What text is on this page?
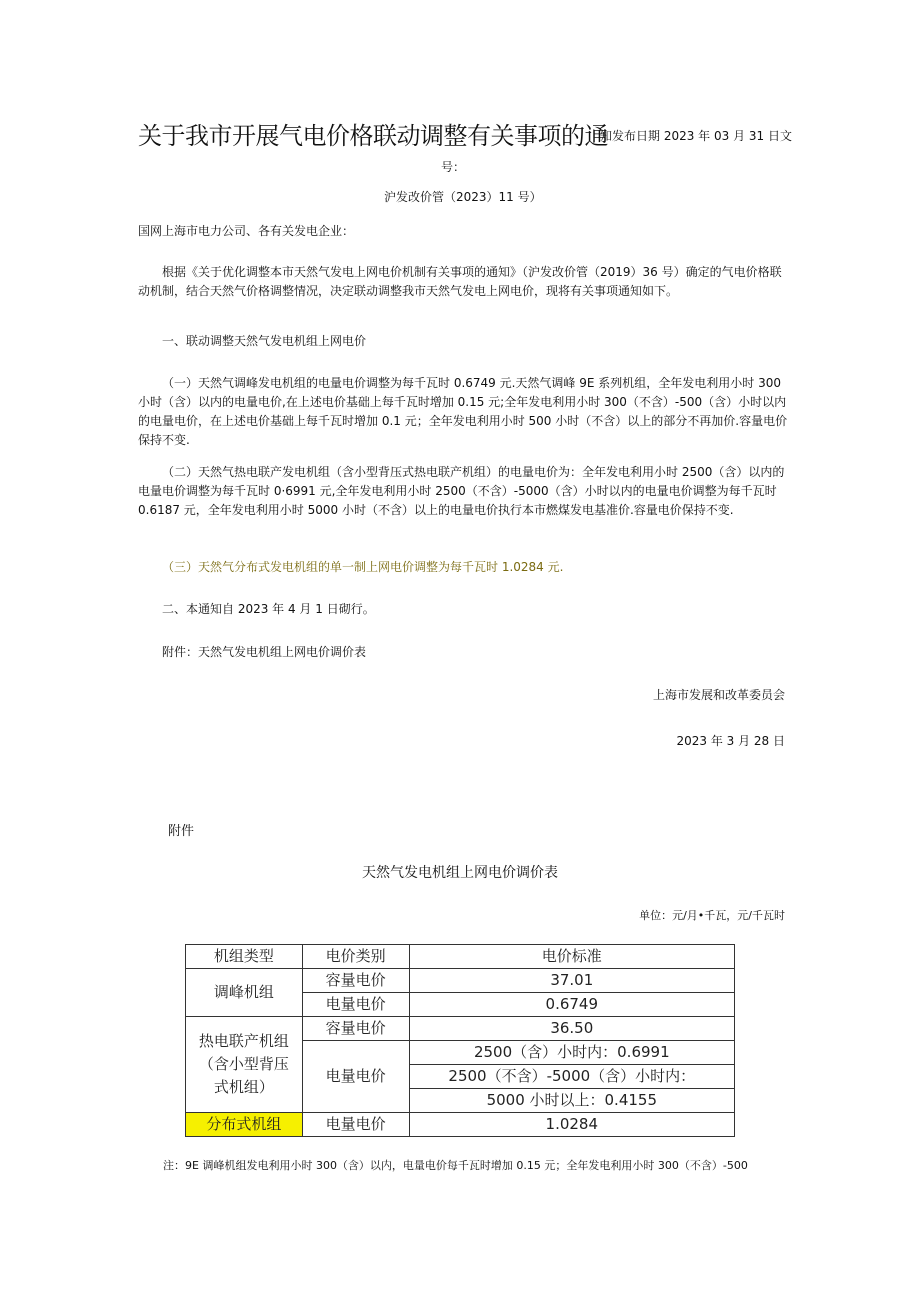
关于我市开展气电价格联动调整有关事项的通
知发布日期 2023 年 03 月 31 日文
号：
沪发改价管（2023）11 号）
国网上海市电力公司、各有关发电企业：
根据《关于优化调整本市天然气发电上网电价机制有关事项的通知》（沪发改价管（2019）36 号）确定的气电价格联动机制，结合天然气价格调整情况，决定联动调整我市天然气发电上网电价，现将有关事项通知如下。
一、联动调整天然气发电机组上网电价
（一）天然气调峰发电机组的电量电价调整为每千瓦时 0.6749 元.天然气调峰 9E 系列机组，全年发电利用小时 300 小时（含）以内的电量电价,在上述电价基础上每千瓦时增加 0.15 元;全年发电利用小时 300（不含）-500（含）小时以内的电量电价，在上述电价基础上每千瓦时增加 0.1 元；全年发电利用小时 500 小时（不含）以上的部分不再加价.容量电价保持不变.
（二）天然气热电联产发电机组（含小型背压式热电联产机组）的电量电价为：全年发电利用小时 2500（含）以内的电量电价调整为每千瓦时 0·6991 元,全年发电利用小时 2500（不含）-5000（含）小时以内的电量电价调整为每千瓦时 0.6187 元，全年发电利用小时 5000 小时（不含）以上的电量电价执行本市燃煤发电基准价.容量电价保持不变.
（三）天然气分布式发电机组的单一制上网电价调整为每千瓦时 1.0284 元.
二、本通知自 2023 年 4 月 1 日砌行。
附件：天然气发电机组上网电价调价表
上海市发展和改革委员会
2023 年 3 月 28 日
附件
天然气发电机组上网电价调价表
单位：元/月•千瓦，元/千瓦时
机组类型	电价类别	电价标准
调峰机组	容量电价	37.01
	电量电价	0.6749

热电联产机组
（含小型背压
式机组）	容量电价	36.50
	电量电价	2500（含）小时内：0.6991
		2500（不含）-5000（含）小时内：
		5000 小时以上：0.4155
分布式机组	电量电价	1.0284
注：9E 调峰机组发电利用小时 300（含）以内，电量电价每千瓦时增加 0.15 元；全年发电利用小时 300（不含）-500
